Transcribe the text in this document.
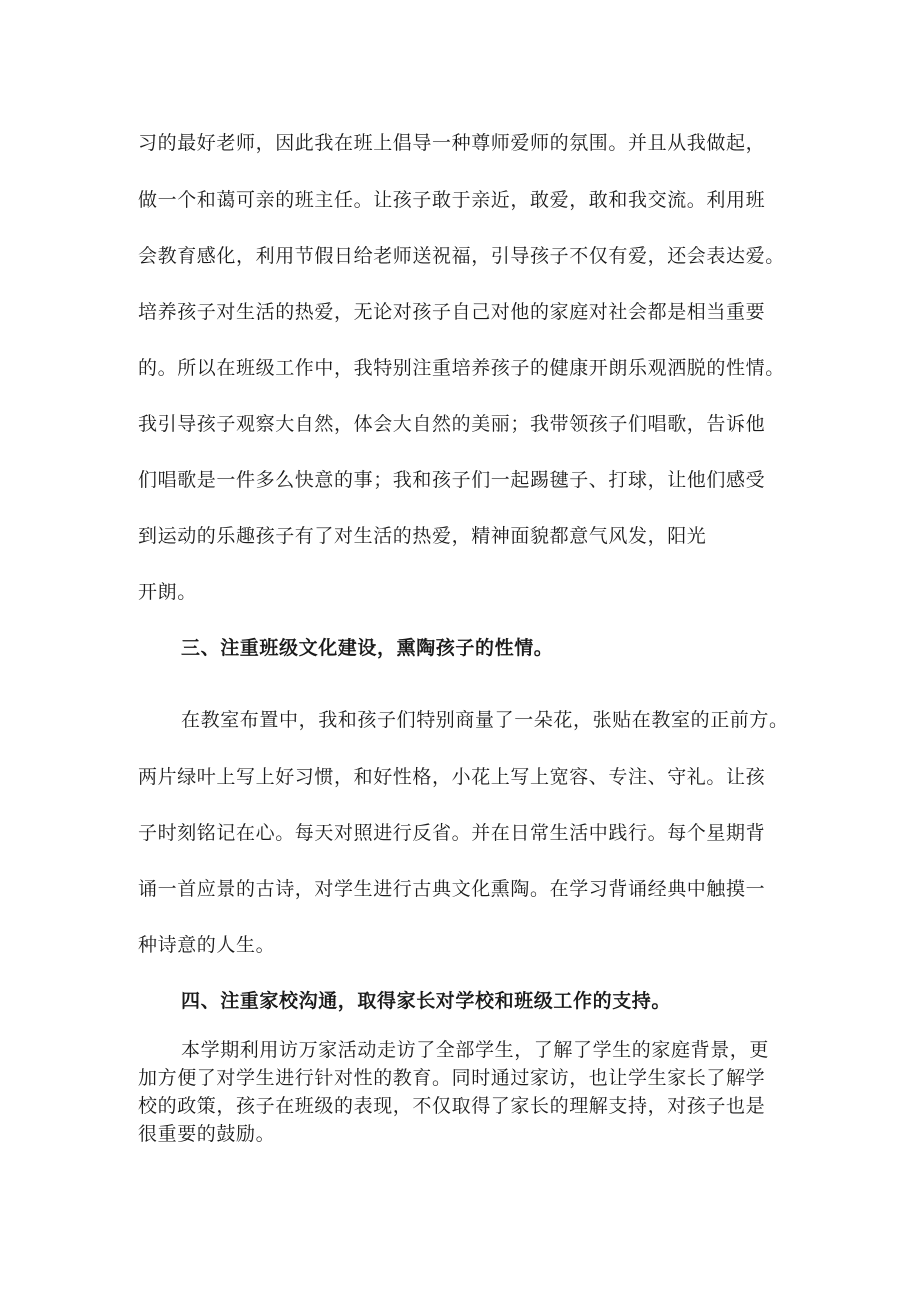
习的最好老师，因此我在班上倡导一种尊师爱师的氛围。并且从我做起，
做一个和蔼可亲的班主任。让孩子敢于亲近，敢爱，敢和我交流。利用班
会教育感化，利用节假日给老师送祝福，引导孩子不仅有爱，还会表达爱。
培养孩子对生活的热爱，无论对孩子自己对他的家庭对社会都是相当重要
的。所以在班级工作中，我特别注重培养孩子的健康开朗乐观洒脱的性情。
我引导孩子观察大自然，体会大自然的美丽；我带领孩子们唱歌，告诉他
们唱歌是一件多么快意的事；我和孩子们一起踢毽子、打球，让他们感受
到运动的乐趣孩子有了对生活的热爱，精神面貌都意气风发，阳光
开朗。
三、注重班级文化建设，熏陶孩子的性情。
在教室布置中，我和孩子们特别商量了一朵花，张贴在教室的正前方。
两片绿叶上写上好习惯，和好性格，小花上写上宽容、专注、守礼。让孩
子时刻铭记在心。每天对照进行反省。并在日常生活中践行。每个星期背
诵一首应景的古诗，对学生进行古典文化熏陶。在学习背诵经典中触摸一
种诗意的人生。
四、注重家校沟通，取得家长对学校和班级工作的支持。
本学期利用访万家活动走访了全部学生，了解了学生的家庭背景，更
加方便了对学生进行针对性的教育。同时通过家访，也让学生家长了解学
校的政策，孩子在班级的表现，不仅取得了家长的理解支持，对孩子也是
很重要的鼓励。
